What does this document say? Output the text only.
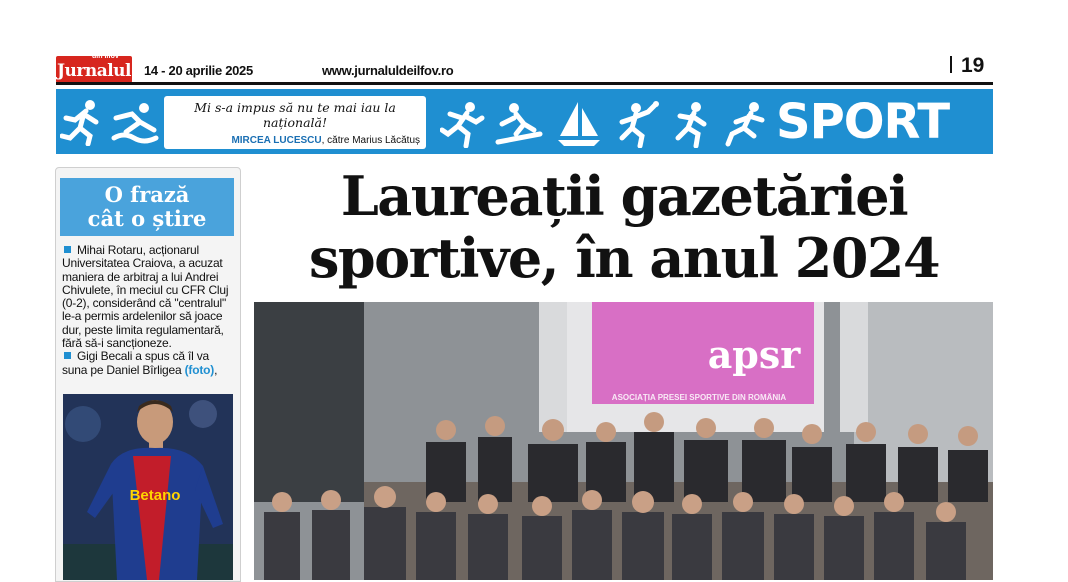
din Ilfov
Jurnalul 14 - 20 aprilie 2025	www.jurnaluldeilfov.ro	19
Mi s-a impus să nu te mai iau la națională!
MIRCEA LUCESCU, către Marius Lăcătuș	SPORT
O frază
cât o știre

Mihai Rotaru, acționarul Universitatea Craiova, a acuzat maniera de arbitraj a lui Andrei Chivulete, în meciul cu CFR Cluj (0-2), considerând că "centralul" le-a permis ardelenilor să joace dur, peste limita regulamentară, fără să-i sancționeze.

Gigi Becali a spus că îl va suna pe Daniel Bîrligea (foto),

Betano
Laureații gazetăriei
sportive, în anul 2024
apsr
ASOCIAȚIA PRESEI SPORTIVE DIN ROMÂNIA
